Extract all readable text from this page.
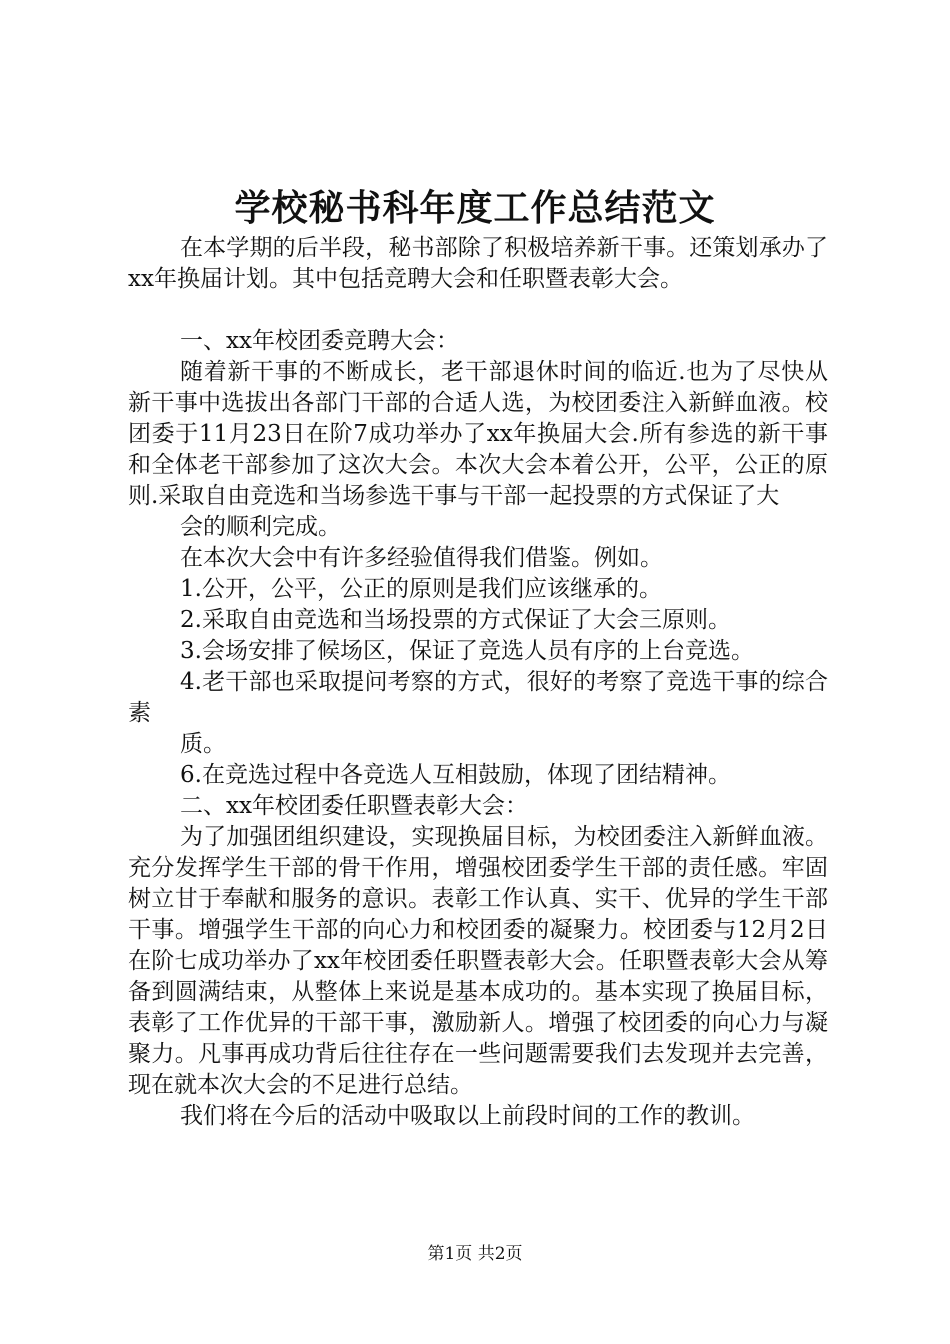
学校秘书科年度工作总结范文

在本学期的后半段，秘书部除了积极培养新干事。还策划承办了xx年换届计划。其中包括竞聘大会和任职暨表彰大会。

一、xx年校团委竞聘大会：

随着新干事的不断成长，老干部退休时间的临近.也为了尽快从新干事中选拔出各部门干部的合适人选，为校团委注入新鲜血液。校团委于11月23日在阶7成功举办了xx年换届大会.所有参选的新干事和全体老干部参加了这次大会。本次大会本着公开，公平，公正的原则.采取自由竞选和当场参选干事与干部一起投票的方式保证了大

会的顺利完成。

在本次大会中有许多经验值得我们借鉴。例如。

1.公开，公平，公正的原则是我们应该继承的。

2.采取自由竞选和当场投票的方式保证了大会三原则。

3.会场安排了候场区，保证了竞选人员有序的上台竞选。

4.老干部也采取提问考察的方式，很好的考察了竞选干事的综合素

质。

6.在竞选过程中各竞选人互相鼓励，体现了团结精神。

二、xx年校团委任职暨表彰大会：

为了加强团组织建设，实现换届目标，为校团委注入新鲜血液。充分发挥学生干部的骨干作用，增强校团委学生干部的责任感。牢固树立甘于奉献和服务的意识。表彰工作认真、实干、优异的学生干部干事。增强学生干部的向心力和校团委的凝聚力。校团委与12月2日在阶七成功举办了xx年校团委任职暨表彰大会。任职暨表彰大会从筹备到圆满结束，从整体上来说是基本成功的。基本实现了换届目标，表彰了工作优异的干部干事，激励新人。增强了校团委的向心力与凝聚力。凡事再成功背后往往存在一些问题需要我们去发现并去完善，现在就本次大会的不足进行总结。

我们将在今后的活动中吸取以上前段时间的工作的教训。

第1页 共2页
